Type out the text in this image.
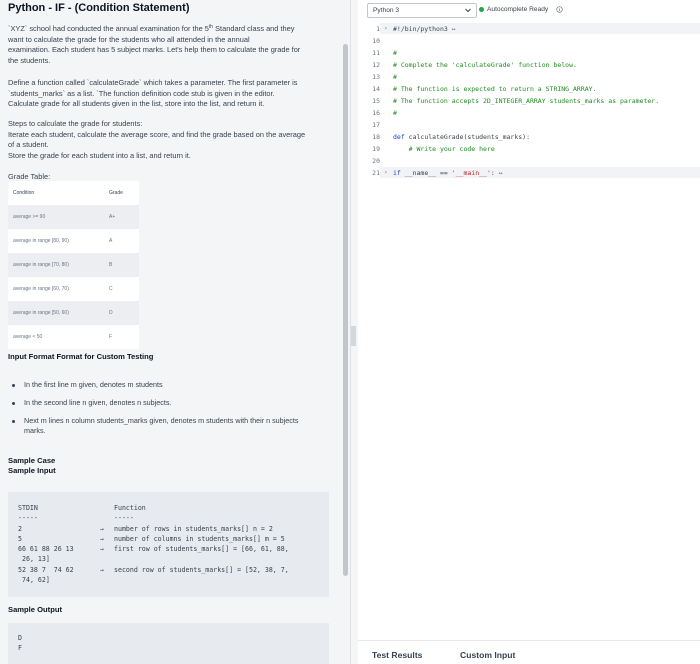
Python - IF - (Condition Statement)
`XYZ` school had conducted the annual examination for the 5th Standard class and they
want to calculate the grade for the students who all attended in the annual
examination. Each student has 5 subject marks. Let's help them to calculate the grade for
the students.
Define a function called `calculateGrade` which takes a parameter. The first parameter is
`students_marks` as a list. `The function definition code stub is given in the editor.
Calculate grade for all students given in the list, store into the list, and return it.
Steps to calculate the grade for students:
Iterate each student, calculate the average score, and find the grade based on the average
of a student.
Store the grade for each student into a list, and return it.
Grade Table:
Condition	Grade
average >= 90	A+
average in range [80, 90)	A
average in range [70, 80)	B
average in range [60, 70)	C
average in range [50, 60)	D
average < 50	F
Input Format Format for Custom Testing
In the first line m given, denotes m students
In the second line n given, denotes n subjects.
Next m lines n column students_marks given, denotes m students with their n subjects marks.
Sample Case
Sample Input
STDIN	Function
-----	-----
2	→ number of rows in students_marks[] n = 2
5	→ number of columns in students_marks[] m = 5
66 61 88 26 13	→ first row of students_marks[] = [66, 61, 88,
26, 13]
52 38 7  74 62	→ second row of students_marks[] = [52, 38, 7,
74, 62]
Sample Output
D
F
Python 3	Autocomplete Ready
1 › #!/bin/python3 ↔
10
11 #
12 # Complete the 'calculateGrade' function below.
13 #
14 # The function is expected to return a STRING_ARRAY.
15 # The function accepts 2D_INTEGER_ARRAY students_marks as parameter.
16 #
17
18 def calculateGrade(students_marks):
19 # Write your code here
20
21 › if __name__ == '__main__': ↔
Test Results	Custom Input
